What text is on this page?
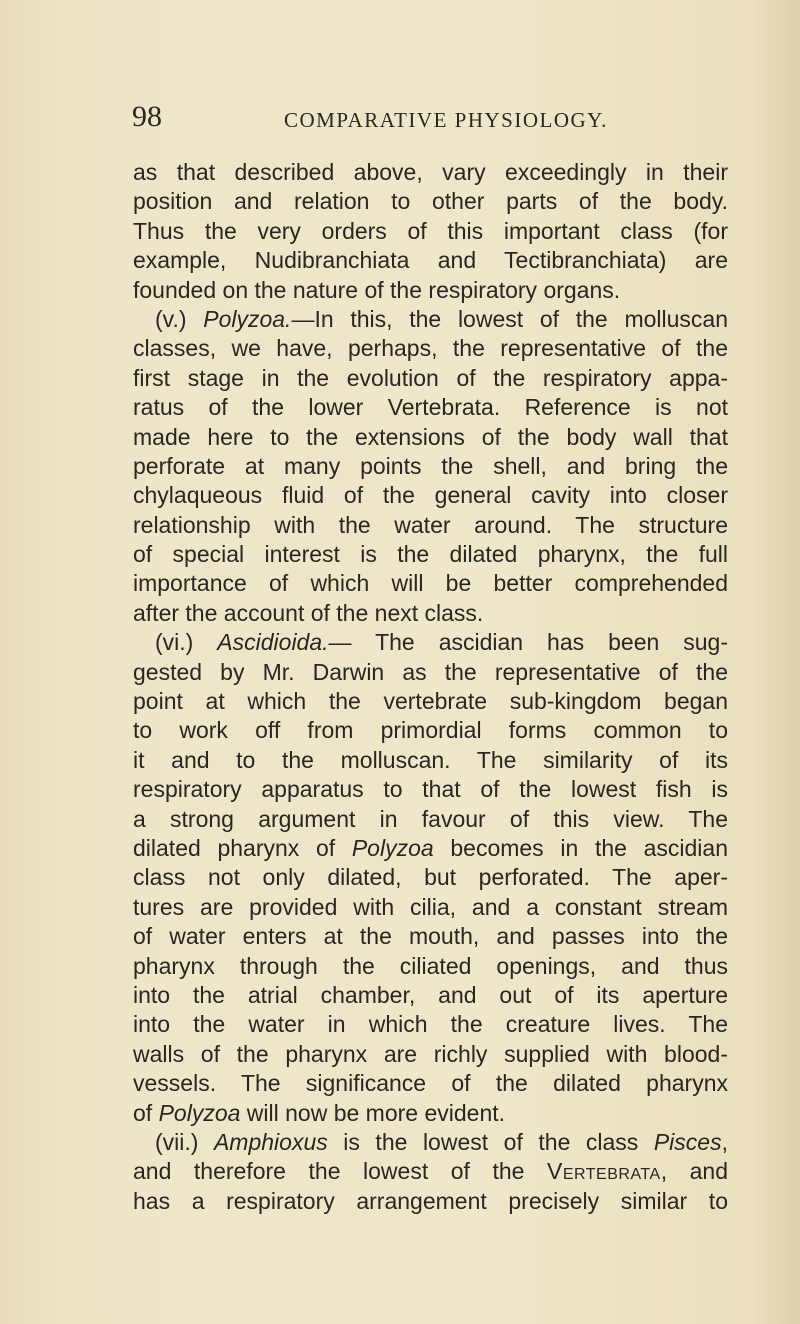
98	COMPARATIVE PHYSIOLOGY.
as that described above, vary exceedingly in their
position and relation to other parts of the body.
Thus the very orders of this important class (for
example, Nudibranchiata and Tectibranchiata) are
founded on the nature of the respiratory organs.
(v.) Polyzoa.—In this, the lowest of the molluscan
classes, we have, perhaps, the representative of the
first stage in the evolution of the respiratory appa-
ratus of the lower Vertebrata. Reference is not
made here to the extensions of the body wall that
perforate at many points the shell, and bring the
chylaqueous fluid of the general cavity into closer
relationship with the water around. The structure
of special interest is the dilated pharynx, the full
importance of which will be better comprehended
after the account of the next class.
(vi.) Ascidioida.— The ascidian has been sug-
gested by Mr. Darwin as the representative of the
point at which the vertebrate sub-kingdom began
to work off from primordial forms common to
it and to the molluscan. The similarity of its
respiratory apparatus to that of the lowest fish is
a strong argument in favour of this view. The
dilated pharynx of Polyzoa becomes in the ascidian
class not only dilated, but perforated. The aper-
tures are provided with cilia, and a constant stream
of water enters at the mouth, and passes into the
pharynx through the ciliated openings, and thus
into the atrial chamber, and out of its aperture
into the water in which the creature lives. The
walls of the pharynx are richly supplied with blood-
vessels. The significance of the dilated pharynx
of Polyzoa will now be more evident.
(vii.) Amphioxus is the lowest of the class Pisces,
and therefore the lowest of the Vertebrata, and
has a respiratory arrangement precisely similar to
